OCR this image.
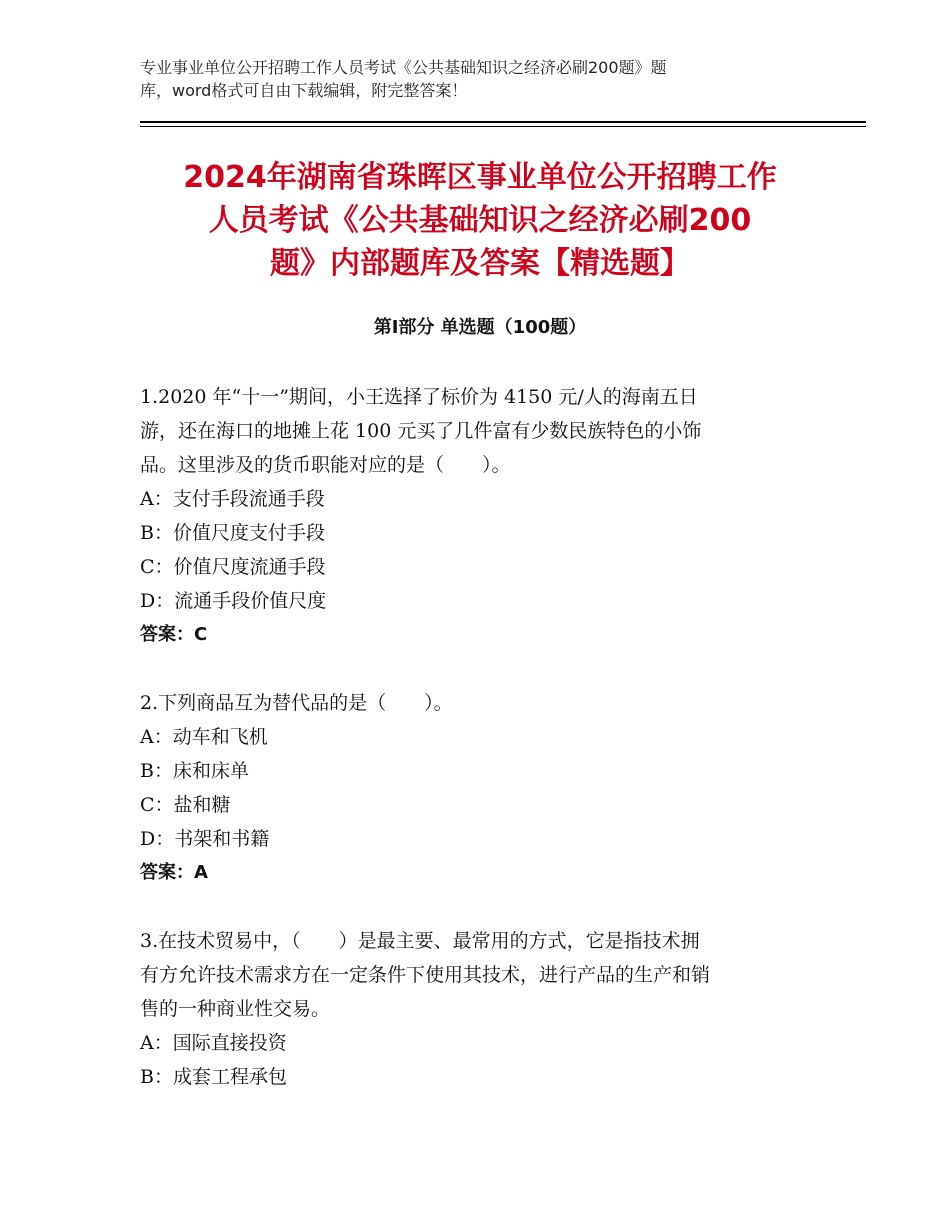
专业事业单位公开招聘工作人员考试《公共基础知识之经济必刷200题》题
库，word格式可自由下载编辑，附完整答案！
2024年湖南省珠晖区事业单位公开招聘工作
人员考试《公共基础知识之经济必刷200
题》内部题库及答案【精选题】
第Ⅰ部分 单选题（100题）
1.2020 年“十一”期间，小王选择了标价为 4150 元/人的海南五日
游，还在海口的地摊上花 100 元买了几件富有少数民族特色的小饰
品。这里涉及的货币职能对应的是（　　）。
A：支付手段流通手段
B：价值尺度支付手段
C：价值尺度流通手段
D：流通手段价值尺度
答案：C
2.下列商品互为替代品的是（　　）。
A：动车和飞机
B：床和床单
C：盐和糖
D：书架和书籍
答案：A
3.在技术贸易中，（　　）是最主要、最常用的方式，它是指技术拥
有方允许技术需求方在一定条件下使用其技术，进行产品的生产和销
售的一种商业性交易。
A：国际直接投资
B：成套工程承包
